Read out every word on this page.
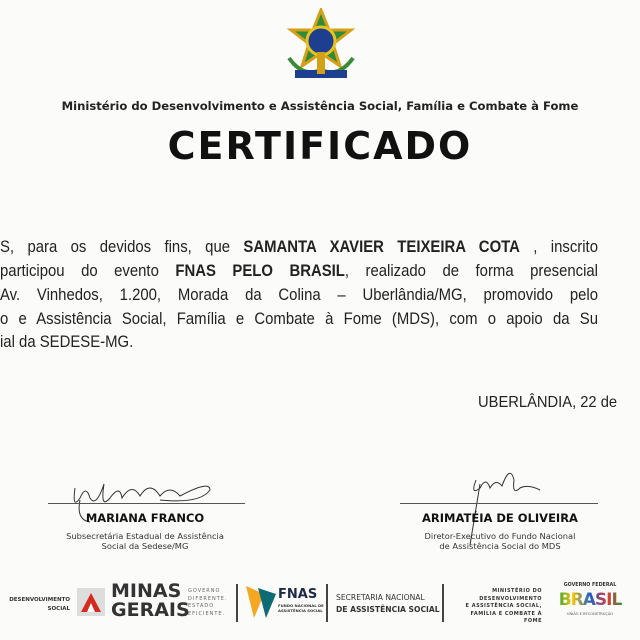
Ministério do Desenvolvimento e Assistência Social, Família e Combate à Fome
CERTIFICADO
S, para os devidos fins, que SAMANTA XAVIER TEIXEIRA COTA , inscrito
participou do evento FNAS PELO BRASIL, realizado de forma presencial
Av. Vinhedos, 1.200, Morada da Colina – Uberlândia/MG, promovido pelo
o e Assistência Social, Família e Combate à Fome (MDS), com o apoio da Su
ial da SEDESE-MG.
UBERLÂNDIA, 22 de
MARIANA FRANCO
Subsecretária Estadual de Assistência
Social da Sedese/MG
ARIMATÉIA DE OLIVEIRA
Diretor-Executivo do Fundo Nacional
de Assistência Social do MDS
DESENVOLVIMENTO
SOCIAL
MINAS
GERAIS
GOVERNO
DIFERENTE.
ESTADO
EFICIENTE.
FNAS
FUNDO NACIONAL DE
ASSISTÊNCIA SOCIAL
SECRETARIA NACIONAL
DE ASSISTÊNCIA SOCIAL
MINISTÉRIO DO
DESENVOLVIMENTO
E ASSISTÊNCIA SOCIAL,
FAMÍLIA E COMBATE À FOME
GOVERNO FEDERAL
BRASIL
UNIÃO E RECONSTRUÇÃO
